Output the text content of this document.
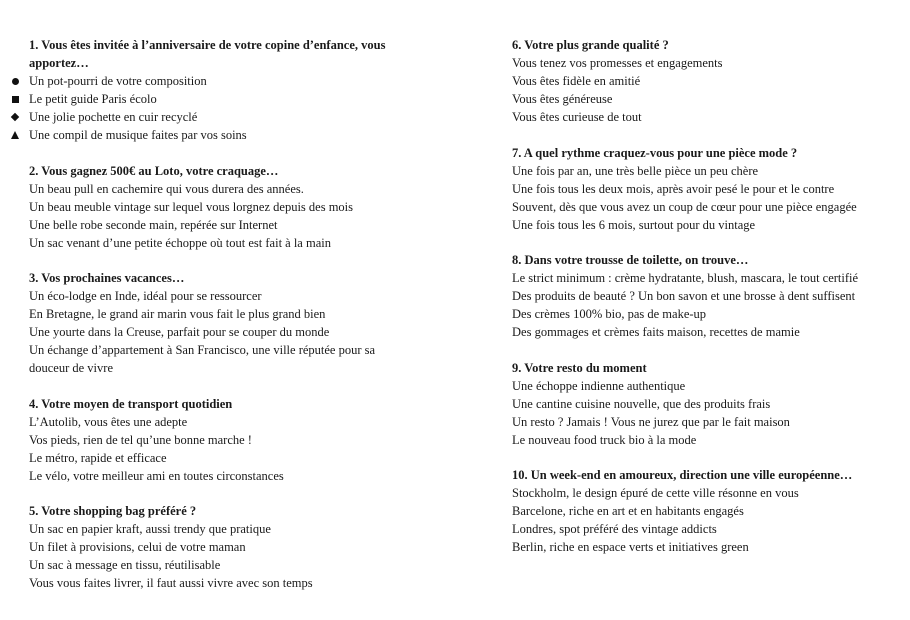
1. Vous êtes invitée à l’anniversaire de votre copine d’enfance, vous apportez…
Un pot-pourri de votre composition
Le petit guide Paris écolo
Une jolie pochette en cuir recyclé
Une compil de musique faites par vos soins
2. Vous gagnez 500€ au Loto, votre craquage…
Un beau pull en cachemire qui vous durera des années.
Un beau meuble vintage sur lequel vous lorgnez depuis des mois
Une belle robe seconde main, repérée sur Internet
Un sac venant d’une petite échoppe où tout est fait à la main
3. Vos prochaines vacances…
Un éco-lodge en Inde, idéal pour se ressourcer
En Bretagne, le grand air marin vous fait le plus grand bien
Une yourte dans la Creuse, parfait pour se couper du monde
Un échange d’appartement à San Francisco, une ville réputée pour sa
douceur de vivre
4. Votre moyen de transport quotidien
L’Autolib, vous êtes une adepte
Vos pieds, rien de tel qu’une bonne marche !
Le métro, rapide et efficace
Le vélo, votre meilleur ami en toutes circonstances
5. Votre shopping bag préféré ?
Un sac en papier kraft, aussi trendy que pratique
Un filet à provisions, celui de votre maman
Un sac à message en tissu, réutilisable
Vous vous faites livrer, il faut aussi vivre avec son temps
6. Votre plus grande qualité ?
Vous tenez vos promesses et engagements
Vous êtes fidèle en amitié
Vous êtes généreuse
Vous êtes curieuse de tout
7. A quel rythme craquez-vous pour une pièce mode ?
Une fois par an, une très belle pièce un peu chère
Une fois tous les deux mois, après avoir pesé le pour et le contre
Souvent, dès que vous avez un coup de cœur pour une pièce engagée
Une fois tous les 6 mois, surtout pour du vintage
8. Dans votre trousse de toilette, on trouve…
Le strict minimum : crème hydratante, blush, mascara, le tout certifié
Des produits de beauté ? Un bon savon et une brosse à dent suffisent
Des crèmes 100% bio, pas de make-up
Des gommages et crèmes faits maison, recettes de mamie
9. Votre resto du moment
Une échoppe indienne authentique
Une cantine cuisine nouvelle, que des produits frais
Un resto ? Jamais ! Vous ne jurez que par le fait maison
Le nouveau food truck bio à la mode
10. Un week-end en amoureux, direction une ville européenne…
Stockholm, le design épuré de cette ville résonne en vous
Barcelone, riche en art et en habitants engagés
Londres, spot préféré des vintage addicts
Berlin, riche en espace verts et initiatives green
